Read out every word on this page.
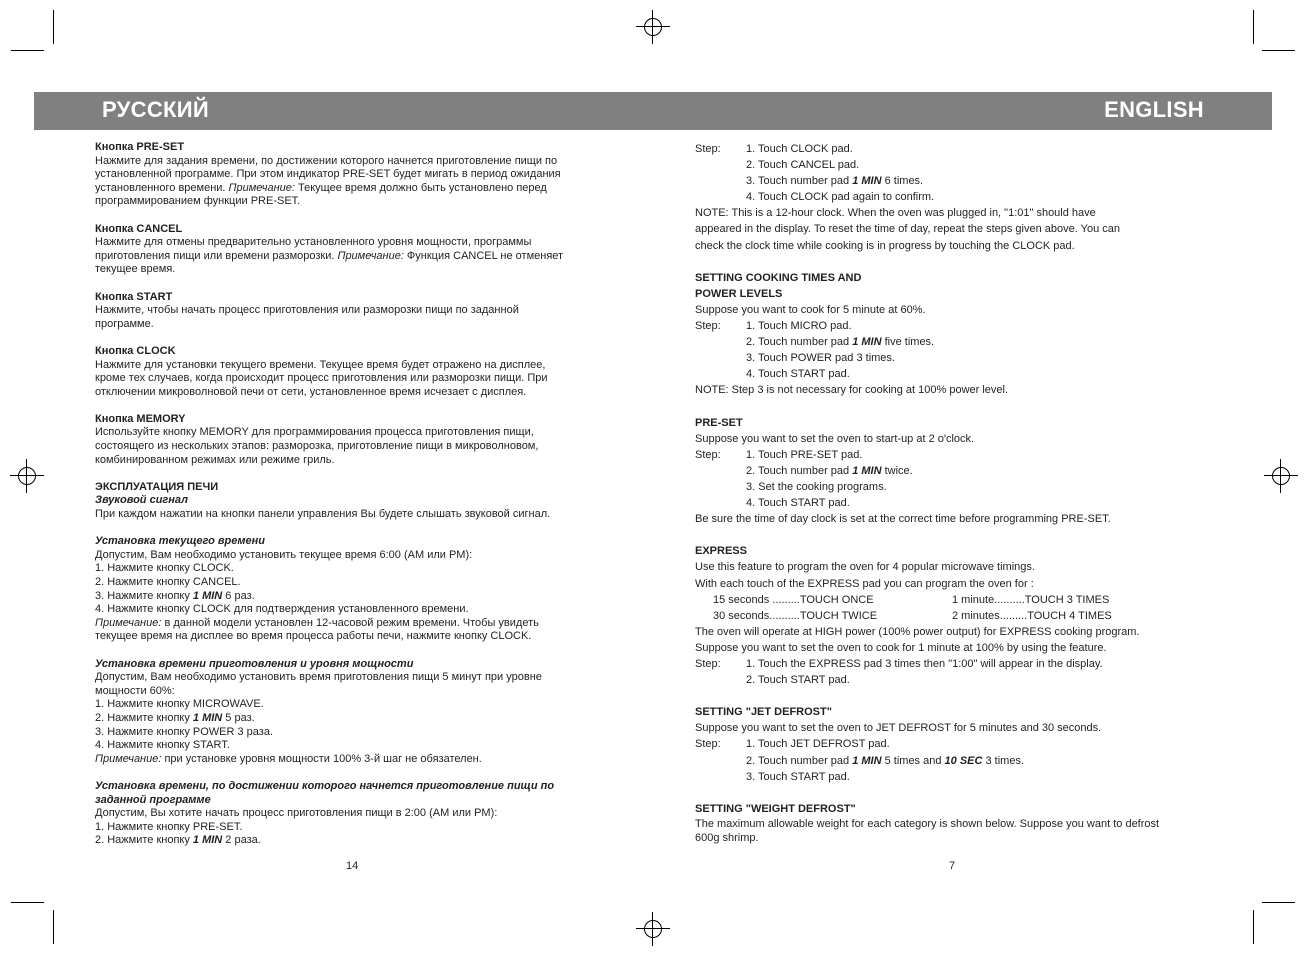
РУССКИЙ	ENGLISH

Кнопка PRE-SET

Нажмите для задания времени, по достижении которого начнется приготовление пищи по

установленной программе. При этом индикатор PRE-SET будет мигать в период ожидания

установленного времени. Примечание: Текущее время должно быть установлено перед

программированием функции PRE-SET.

Кнопка CANCEL

Нажмите для отмены предварительно установленного уровня мощности, программы

приготовления пищи или времени разморозки. Примечание: Функция CANCEL не отменяет

текущее время.

Кнопка START

Нажмите, чтобы начать процесс приготовления или разморозки пищи по заданной

программе.

Кнопка CLOCK

Нажмите для установки текущего времени. Текущее время будет отражено на дисплее,

кроме тех случаев, когда происходит процесс приготовления или разморозки пищи. При

отключении микроволновой печи от сети, установленное время исчезает с дисплея.

Кнопка MEMORY

Используйте кнопку MEMORY для программирования процесса приготовления пищи,

состоящего из нескольких этапов: разморозка, приготовление пищи в микроволновом,

комбинированном режимах или режиме гриль.

ЭКСПЛУАТАЦИЯ ПЕЧИ

Звуковой сигнал

При каждом нажатии на кнопки панели управления Вы будете слышать звуковой сигнал.

Установка текущего времени

Допустим, Вам необходимо установить текущее время 6:00 (AM или PM):

1. Нажмите кнопку CLOCK.

2. Нажмите кнопку CANCEL.

3. Нажмите кнопку 1 MIN 6 раз.

4. Нажмите кнопку CLOCK для подтверждения установленного времени.

Примечание: в данной модели установлен 12-часовой режим времени. Чтобы увидеть

текущее время на дисплее во время процесса работы печи, нажмите кнопку CLOCK.

Установка времени приготовления и уровня мощности

Допустим, Вам необходимо установить время приготовления пищи 5 минут при уровне

мощности 60%:

1. Нажмите кнопку MICROWAVE.

2. Нажмите кнопку 1 MIN 5 раз.

3. Нажмите кнопку POWER 3 раза.

4. Нажмите кнопку START.

Примечание: при установке уровня мощности 100% 3-й шаг не обязателен.

Установка времени, по достижении которого начнется приготовление пищи по

заданной программе

Допустим, Вы хотите начать процесс приготовления пищи в 2:00 (AM или PM):

1. Нажмите кнопку PRE-SET.

2. Нажмите кнопку 1 MIN 2 раза.

14

Step: 1. Touch CLOCK pad.

2. Touch CANCEL pad.

3. Touch number pad 1 MIN 6 times.

4. Touch CLOCK pad again to confirm.

NOTE: This is a 12-hour clock. When the oven was plugged in, "1:01" should have

appeared in the display. To reset the time of day, repeat the steps given above. You can

check the clock time while cooking is in progress by touching the CLOCK pad.

SETTING COOKING TIMES AND

POWER LEVELS

Suppose you want to cook for 5 minute at 60%.

Step: 1. Touch MICRO pad.

2. Touch number pad 1 MIN five times.

3. Touch POWER pad 3 times.

4. Touch START pad.

NOTE: Step 3 is not necessary for cooking at 100% power level.

PRE-SET

Suppose you want to set the oven to start-up at 2 o'clock.

Step: 1. Touch PRE-SET pad.

2. Touch number pad 1 MIN twice.

3. Set the cooking programs.

4. Touch START pad.

Be sure the time of day clock is set at the correct time before programming PRE-SET.

EXPRESS

Use this feature to program the oven for 4 popular microwave timings.

With each touch of the EXPRESS pad you can program the oven for :

15 seconds .........TOUCH ONCE	1 minute..........TOUCH 3 TIMES
30 seconds..........TOUCH TWICE	2 minutes.........TOUCH 4 TIMES

The oven will operate at HIGH power (100% power output) for EXPRESS cooking program.

Suppose you want to set the oven to cook for 1 minute at 100% by using the feature.

Step: 1. Touch the EXPRESS pad 3 times then "1:00" will appear in the display.

2. Touch START pad.

SETTING "JET DEFROST"

Suppose you want to set the oven to JET DEFROST for 5 minutes and 30 seconds.

Step: 1. Touch JET DEFROST pad.

2. Touch number pad 1 MIN 5 times and 10 SEC 3 times.

3. Touch START pad.

SETTING "WEIGHT DEFROST"

The maximum allowable weight for each category is shown below. Suppose you want to defrost

600g shrimp.

7
